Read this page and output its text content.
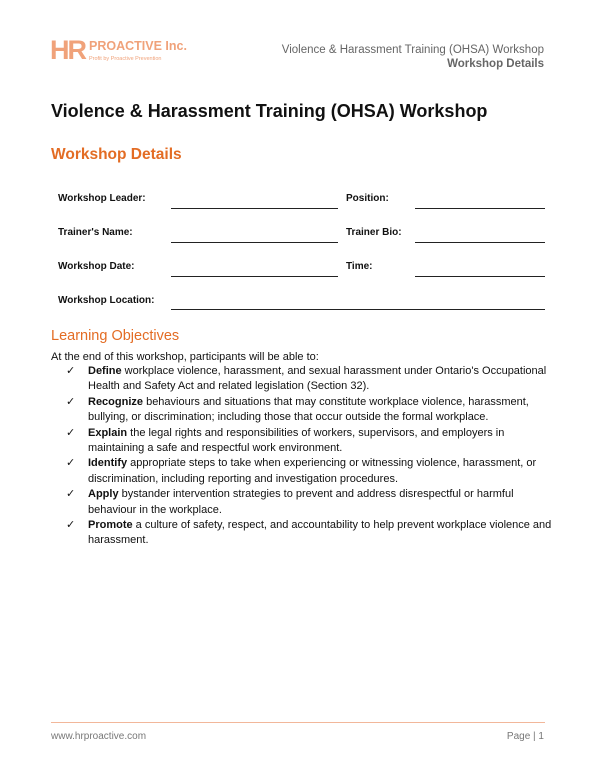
HR PROACTIVE Inc.
Profit by Proactive Prevention
Violence & Harassment Training (OHSA) Workshop
Workshop Details
Violence & Harassment Training (OHSA) Workshop
Workshop Details
Workshop Leader:	Position:
Trainer's Name:	Trainer Bio:
Workshop Date:	Time:
Workshop Location:
Learning Objectives
At the end of this workshop, participants will be able to:
✓ Define workplace violence, harassment, and sexual harassment under Ontario's Occupational Health and Safety Act and related legislation (Section 32).
✓ Recognize behaviours and situations that may constitute workplace violence, harassment, bullying, or discrimination; including those that occur outside the formal workplace.
✓ Explain the legal rights and responsibilities of workers, supervisors, and employers in maintaining a safe and respectful work environment.
✓ Identify appropriate steps to take when experiencing or witnessing violence, harassment, or discrimination, including reporting and investigation procedures.
✓ Apply bystander intervention strategies to prevent and address disrespectful or harmful behaviour in the workplace.
✓ Promote a culture of safety, respect, and accountability to help prevent workplace violence and harassment.
www.hrproactive.com	Page | 1
